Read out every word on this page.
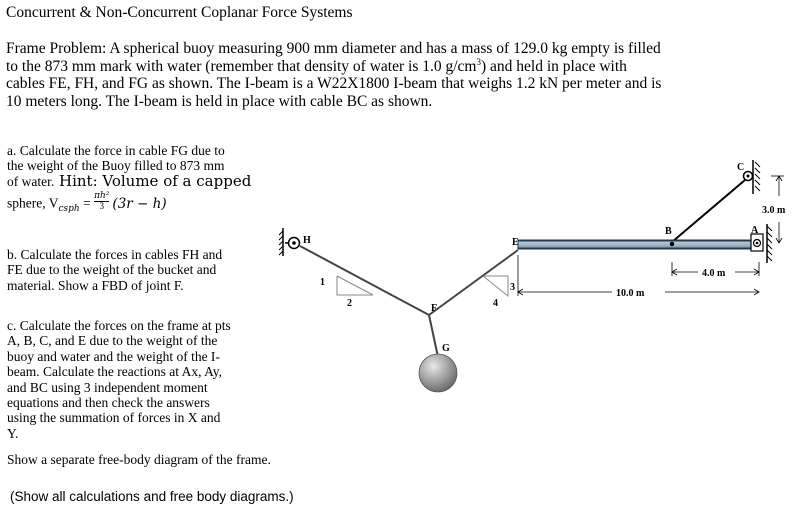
Concurrent & Non-Concurrent Coplanar Force Systems
Frame Problem: A spherical buoy measuring 900 mm diameter and has a mass of 129.0 kg empty is filled
to the 873 mm mark with water (remember that density of water is 1.0 $g/cm^3$) and held in place with
cables FE, FH, and FG as shown. The I-beam is a W22X1800 I-beam that weighs 1.2 kN per meter and is
10 meters long. The I-beam is held in place with cable BC as shown.
a. Calculate the force in cable FG due to
the weight of the Buoy filled to 873 mm
of water. Hint: Volume of a capped
sphere, $V_{csph} = \frac{\text{πh²}}{3} (3r - h)$
b. Calculate the forces in cables FH and
FE due to the weight of the bucket and
material. Show a FBD of joint F.
c. Calculate the forces on the frame at pts
A, B, C, and E due to the weight of the
buoy and water and the weight of the I-
beam. Calculate the reactions at Ax, Ay,
and BC using 3 independent moment
equations and then check the answers
using the summation of forces in X and
Y.
Show a separate free-body diagram of the frame.
(Show all calculations and free body diagrams.)
1
2
3
4
3.0 m
10.0 m
4.0 m
H	E
B	A
C
F
G
